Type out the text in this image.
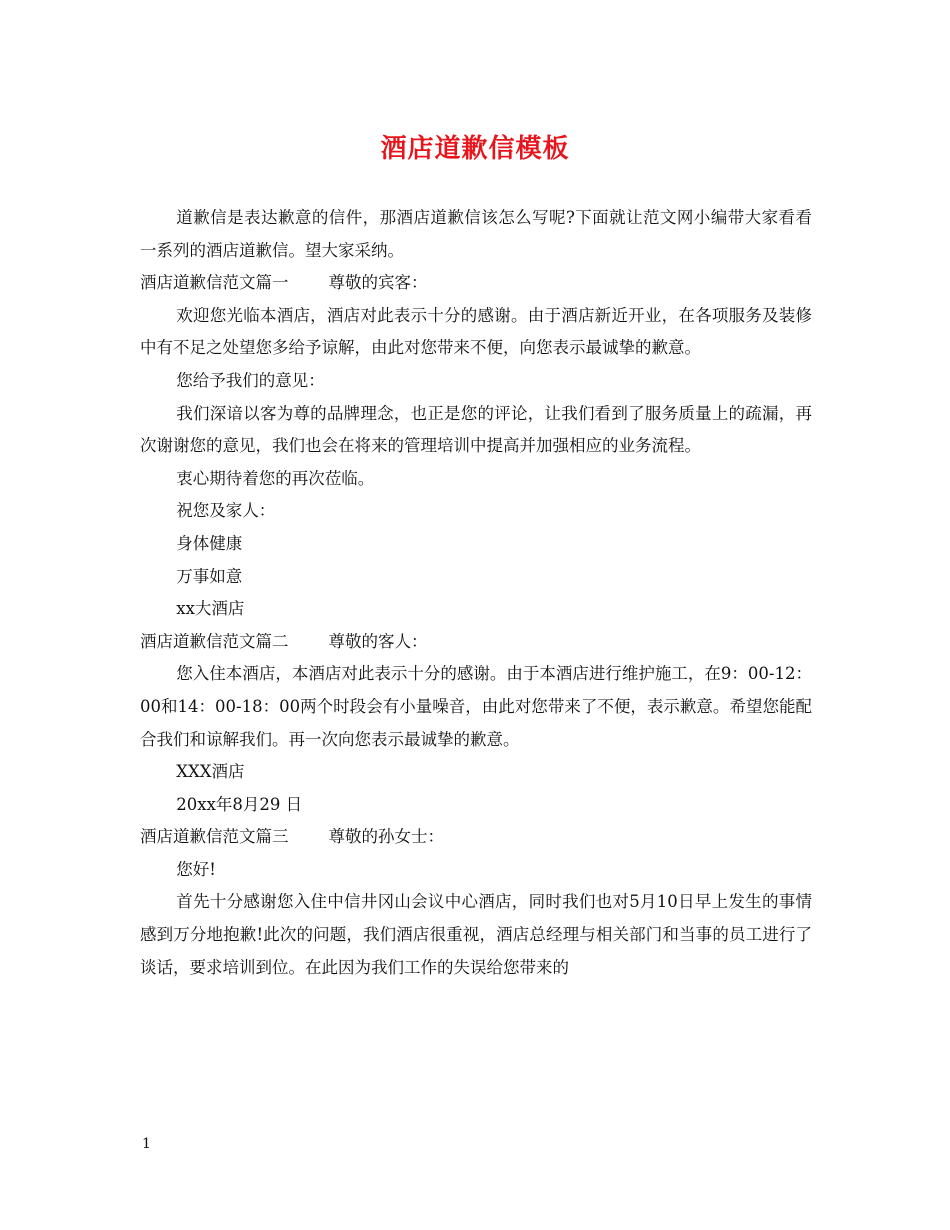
酒店道歉信模板

道歉信是表达歉意的信件，那酒店道歉信该怎么写呢?下面就让范文网小编带大家看看一系列的酒店道歉信。望大家采纳。

酒店道歉信范文篇一 尊敬的宾客：

欢迎您光临本酒店，酒店对此表示十分的感谢。由于酒店新近开业，在各项服务及装修中有不足之处望您多给予谅解，由此对您带来不便，向您表示最诚挚的歉意。

您给予我们的意见：

我们深谙以客为尊的品牌理念，也正是您的评论，让我们看到了服务质量上的疏漏，再次谢谢您的意见，我们也会在将来的管理培训中提高并加强相应的业务流程。

衷心期待着您的再次莅临。

祝您及家人：

身体健康

万事如意

xx大酒店

酒店道歉信范文篇二 尊敬的客人：

您入住本酒店，本酒店对此表示十分的感谢。由于本酒店进行维护施工，在9：00-12：00和14：00-18：00两个时段会有小量噪音，由此对您带来了不便，表示歉意。希望您能配合我们和谅解我们。再一次向您表示最诚挚的歉意。

XXX酒店

20xx年8月29 日

酒店道歉信范文篇三 尊敬的孙女士：

您好!

首先十分感谢您入住中信井冈山会议中心酒店，同时我们也对5月10日早上发生的事情感到万分地抱歉!此次的问题，我们酒店很重视，酒店总经理与相关部门和当事的员工进行了谈话，要求培训到位。在此因为我们工作的失误给您带来的

1
